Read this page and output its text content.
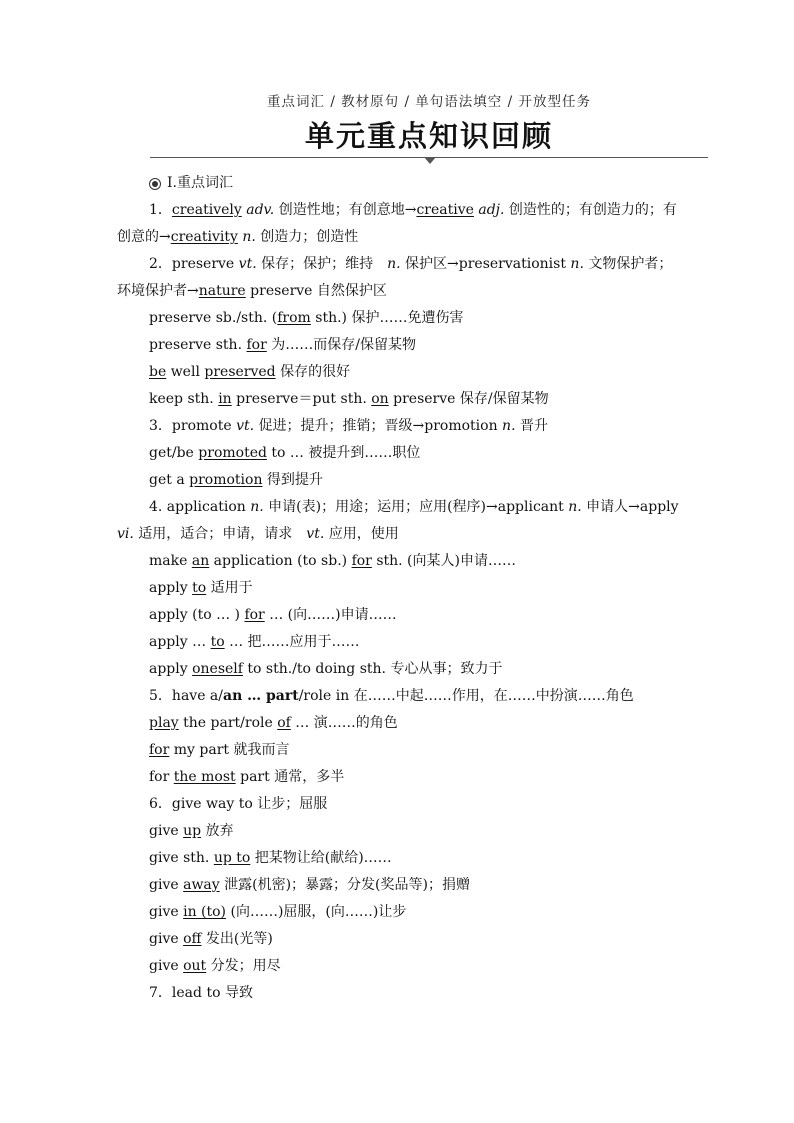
重点词汇 / 教材原句 / 单句语法填空 / 开放型任务
单元重点知识回顾
Ⅰ.重点词汇
1．creatively adv. 创造性地；有创意地→creative adj. 创造性的；有创造力的；有创意的→creativity n. 创造力；创造性
2．preserve vt. 保存；保护；维持　n. 保护区→preservationist n. 文物保护者；环境保护者→nature preserve 自然保护区
preserve sb./sth. (from sth.) 保护……免遭伤害
preserve sth. for 为……而保存/保留某物
be well preserved 保存的很好
keep sth. in preserve＝put sth. on preserve 保存/保留某物
3．promote vt. 促进；提升；推销；晋级→promotion n. 晋升
get/be promoted to … 被提升到……职位
get a promotion 得到提升
4. application n. 申请(表)；用途；运用；应用(程序)→applicant n. 申请人→apply vi. 适用，适合；申请，请求　vt. 应用，使用
make an application (to sb.) for sth. (向某人)申请……
apply to 适用于
apply (to … ) for … (向……)申请……
apply … to … 把……应用于……
apply oneself to sth./to doing sth. 专心从事；致力于
5．have a/an … part/role in 在……中起……作用，在……中扮演……角色
play the part/role of … 演……的角色
for my part 就我而言
for the most part 通常，多半
6．give way to 让步；屈服
give up 放弃
give sth. up to 把某物让给(献给)……
give away 泄露(机密)；暴露；分发(奖品等)；捐赠
give in (to) (向……)屈服，(向……)让步
give off 发出(光等)
give out 分发；用尽
7．lead to 导致
